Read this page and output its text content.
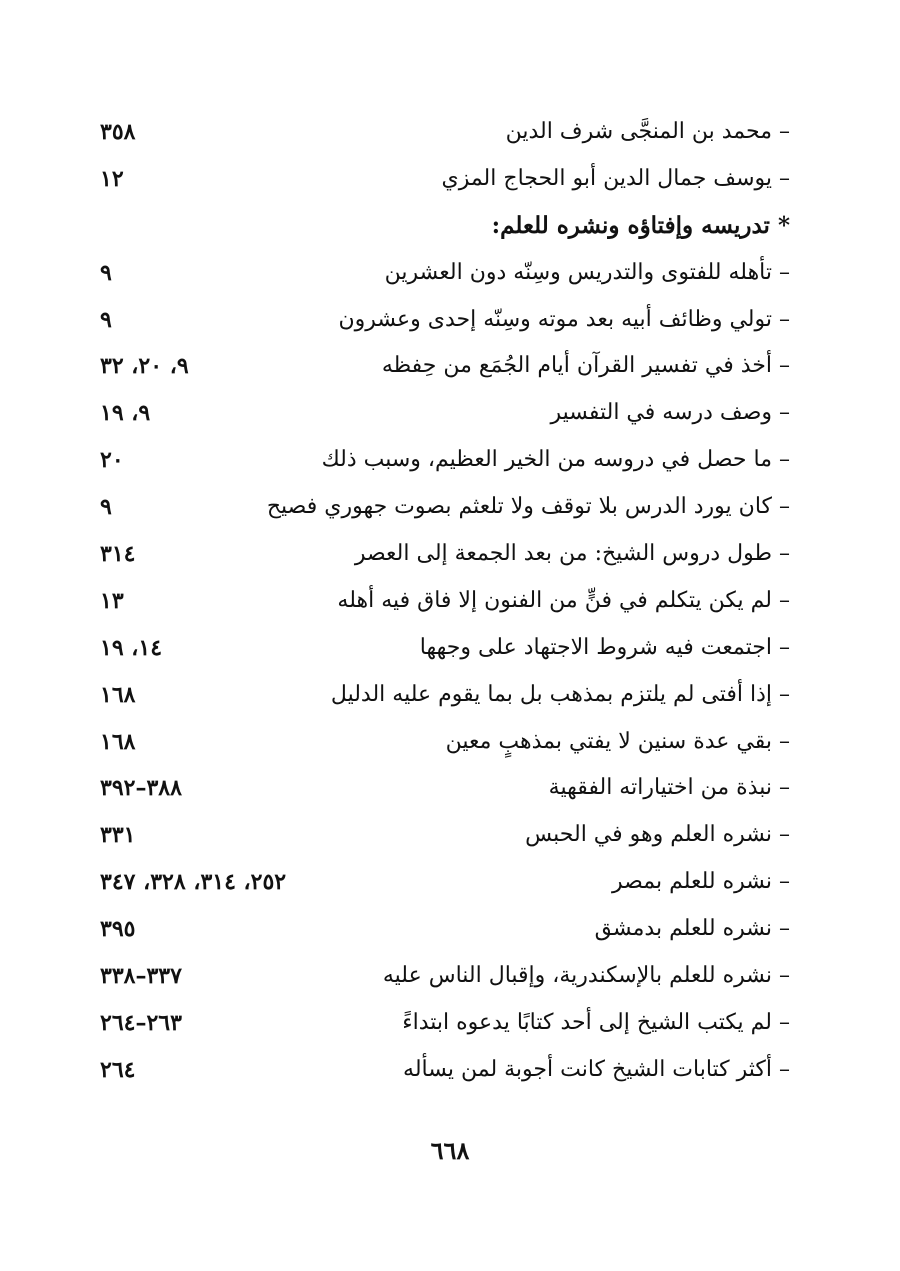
– محمد بن المنجَّى شرف الدين
٣٥٨
– يوسف جمال الدين أبو الحجاج المزي
١٢
* تدريسه وإفتاؤه ونشره للعلم:
– تأهله للفتوى والتدريس وسِنّه دون العشرين
٩
– تولي وظائف أبيه بعد موته وسِنّه إحدى وعشرون
٩
– أخذ في تفسير القرآن أيام الجُمَع من حِفظه
٩، ٢٠، ٣٢
– وصف درسه في التفسير
٩، ١٩
– ما حصل في دروسه من الخير العظيم، وسبب ذلك
٢٠
– كان يورد الدرس بلا توقف ولا تلعثم بصوت جهوري فصيح
٩
– طول دروس الشيخ: من بعد الجمعة إلى العصر
٣١٤
– لم يكن يتكلم في فنٍّ من الفنون إلا فاق فيه أهله
١٣
– اجتمعت فيه شروط الاجتهاد على وجهها
١٤، ١٩
– إذا أفتى لم يلتزم بمذهب بل بما يقوم عليه الدليل
١٦٨
– بقي عدة سنين لا يفتي بمذهبٍ معين
١٦٨
– نبذة من اختياراته الفقهية
٣٨٨–٣٩٢
– نشره العلم وهو في الحبس
٣٣١
– نشره للعلم بمصر
٢٥٢، ٣١٤، ٣٢٨، ٣٤٧
– نشره للعلم بدمشق
٣٩٥
– نشره للعلم بالإسكندرية، وإقبال الناس عليه
٣٣٧–٣٣٨
– لم يكتب الشيخ إلى أحد كتابًا يدعوه ابتداءً
٢٦٣–٢٦٤
– أكثر كتابات الشيخ كانت أجوبة لمن يسأله
٢٦٤
٦٦٨
